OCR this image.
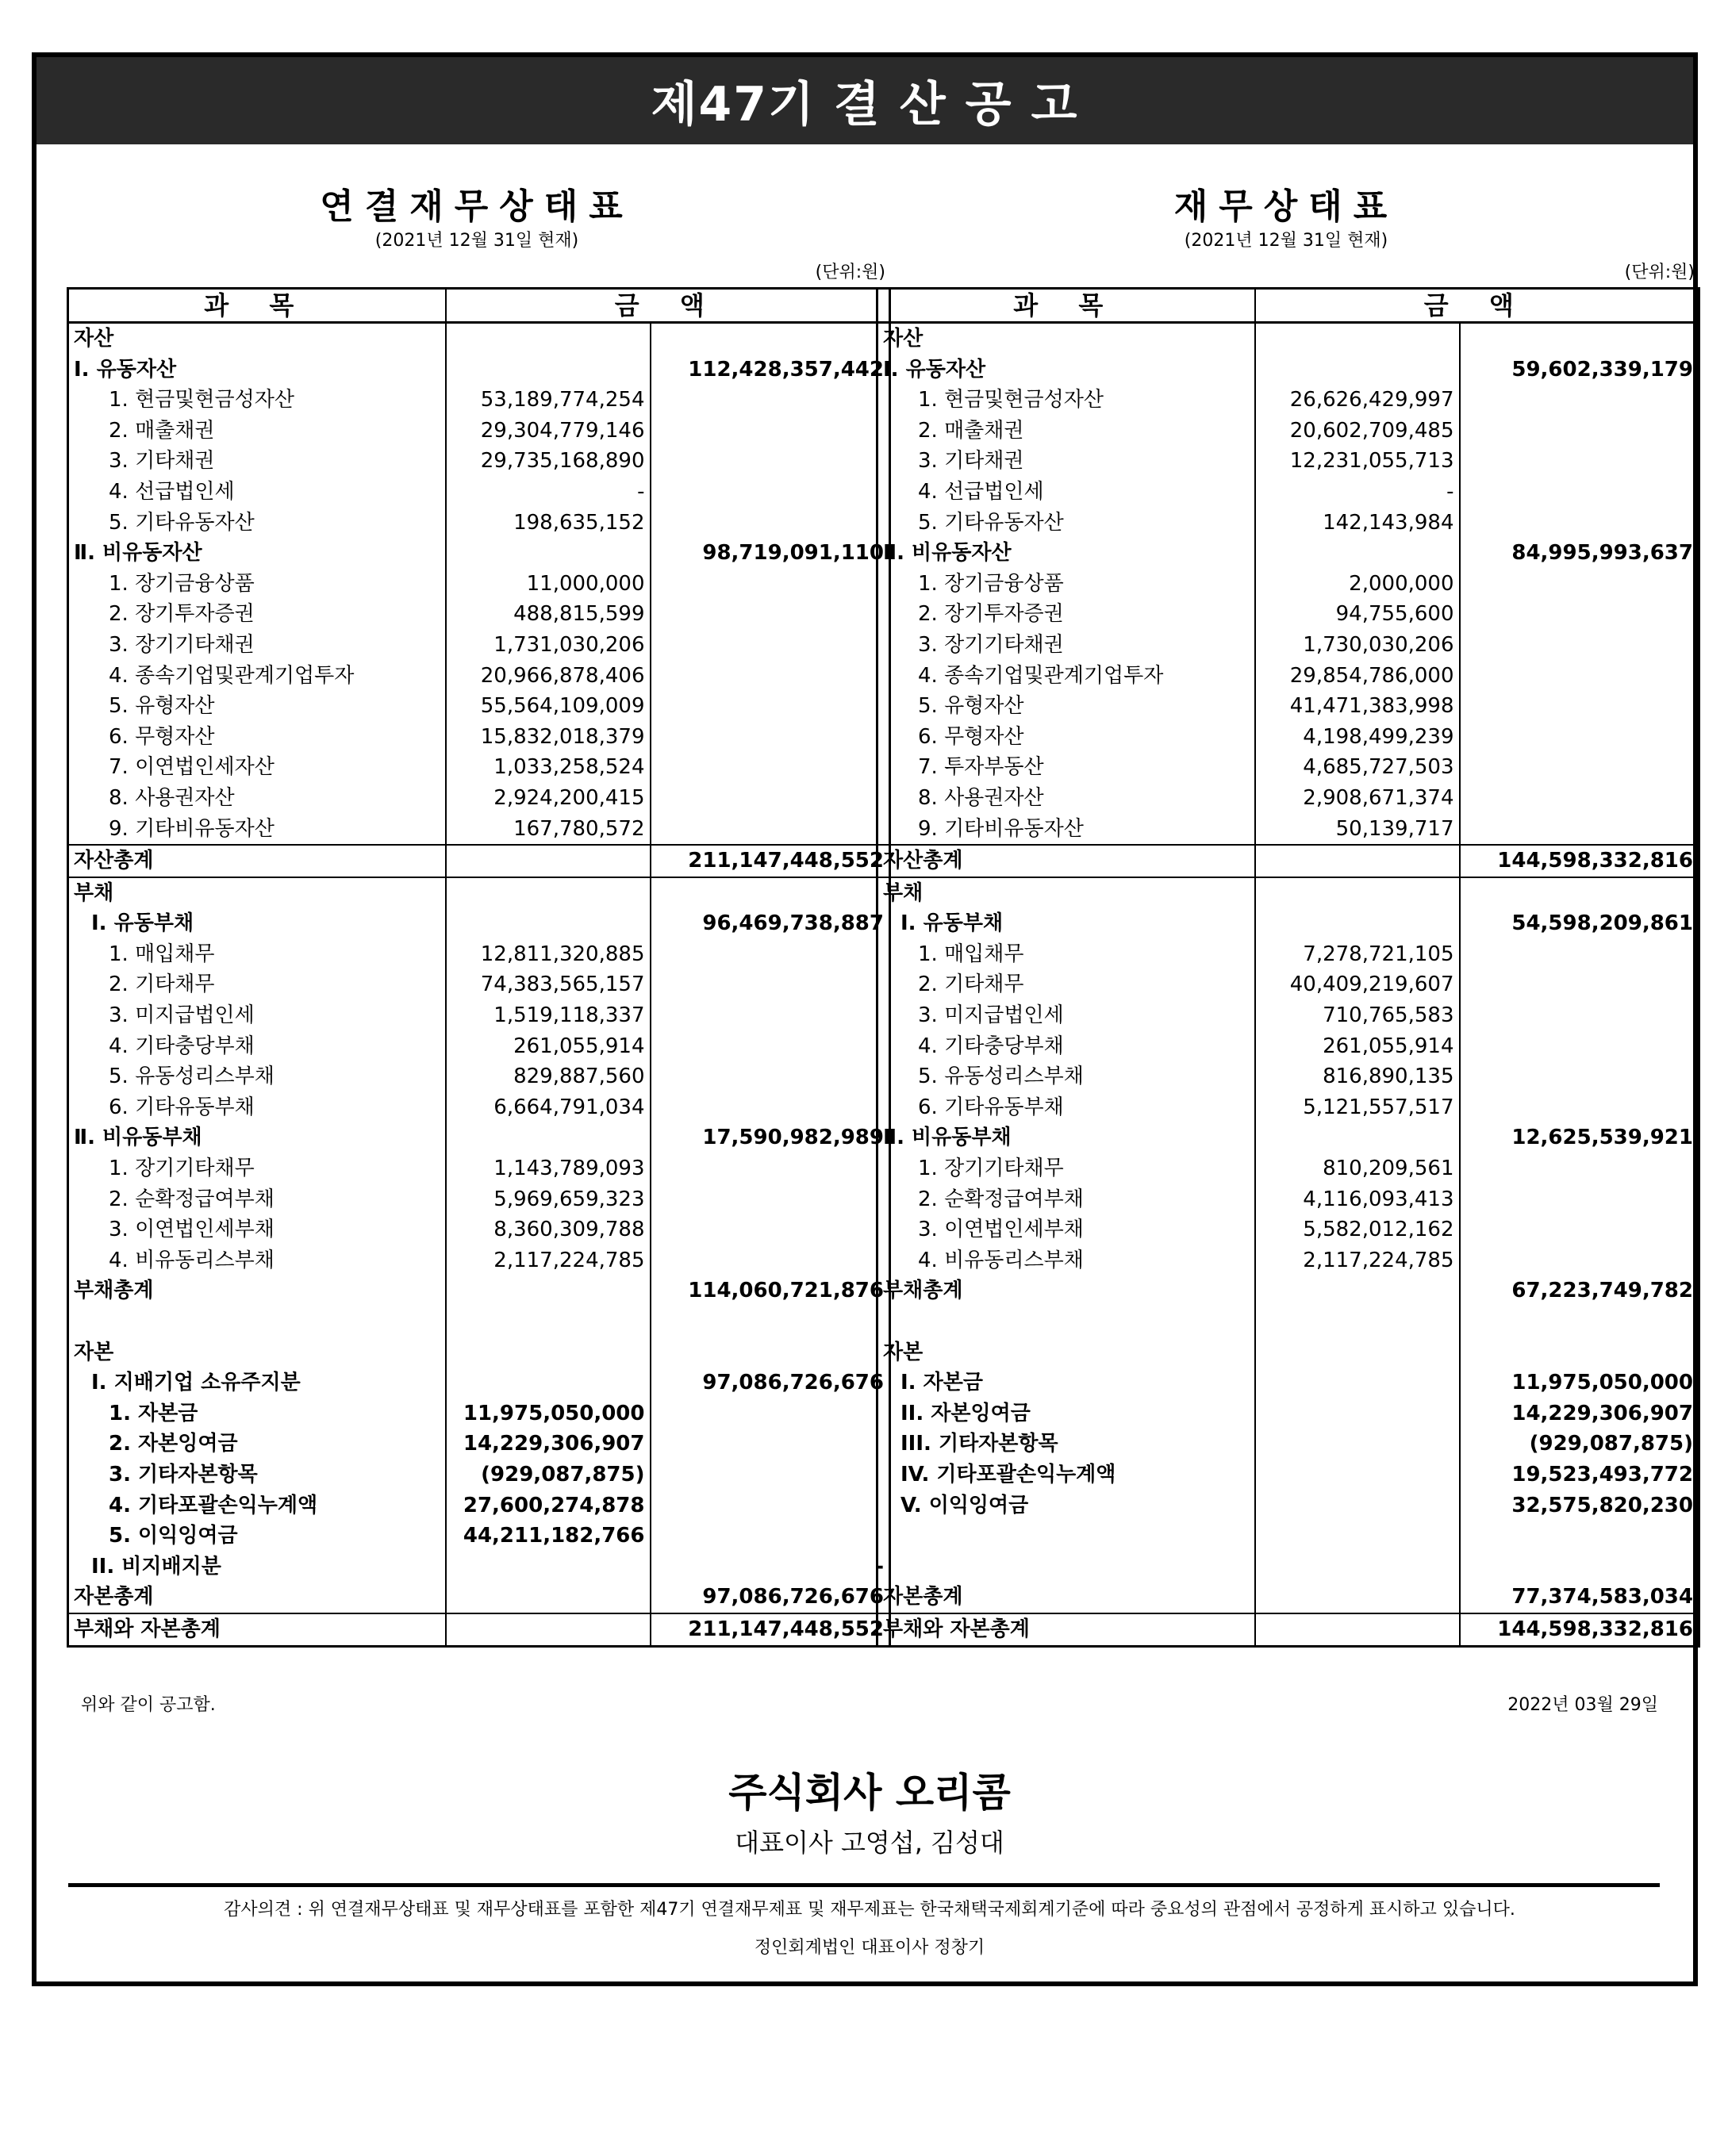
제47기 결 산 공 고
연결재무상태표
(2021년 12월 31일 현재)
(단위:원)
재무상태표
(2021년 12월 31일 현재)
(단위:원)
과 목	금 액	
자산		
I. 유동자산		112,428,357,442
1. 현금및현금성자산	53,189,774,254	
2. 매출채권	29,304,779,146	
3. 기타채권	29,735,168,890	
4. 선급법인세	-	
5. 기타유동자산	198,635,152	
Ⅱ. 비유동자산		98,719,091,110
1. 장기금융상품	11,000,000	
2. 장기투자증권	488,815,599	
3. 장기기타채권	1,731,030,206	
4. 종속기업및관계기업투자	20,966,878,406	
5. 유형자산	55,564,109,009	
6. 무형자산	15,832,018,379	
7. 이연법인세자산	1,033,258,524	
8. 사용권자산	2,924,200,415	
9. 기타비유동자산	167,780,572	
자산총계		211,147,448,552
부채		
Ⅰ. 유동부채		96,469,738,887
1. 매입채무	12,811,320,885	
2. 기타채무	74,383,565,157	
3. 미지급법인세	1,519,118,337	
4. 기타충당부채	261,055,914	
5. 유동성리스부채	829,887,560	
6. 기타유동부채	6,664,791,034	
Ⅱ. 비유동부채		17,590,982,989
1. 장기기타채무	1,143,789,093	
2. 순확정급여부채	5,969,659,323	
3. 이연법인세부채	8,360,309,788	
4. 비유동리스부채	2,117,224,785	
부채총계		114,060,721,876

자본		
I. 지배기업 소유주지분		97,086,726,676
1. 자본금	11,975,050,000	
2. 자본잉여금	14,229,306,907	
3. 기타자본항목	(929,087,875)	
4. 기타포괄손익누계액	27,600,274,878	
5. 이익잉여금	44,211,182,766	
II. 비지배지분		-
자본총계		97,086,726,676
부채와 자본총계		211,147,448,552
과 목	금 액	
자산		
I. 유동자산		59,602,339,179
1. 현금및현금성자산	26,626,429,997	
2. 매출채권	20,602,709,485	
3. 기타채권	12,231,055,713	
4. 선급법인세	-	
5. 기타유동자산	142,143,984	
Ⅱ. 비유동자산		84,995,993,637
1. 장기금융상품	2,000,000	
2. 장기투자증권	94,755,600	
3. 장기기타채권	1,730,030,206	
4. 종속기업및관계기업투자	29,854,786,000	
5. 유형자산	41,471,383,998	
6. 무형자산	4,198,499,239	
7. 투자부동산	4,685,727,503	
8. 사용권자산	2,908,671,374	
9. 기타비유동자산	50,139,717	
자산총계		144,598,332,816
부채		
Ⅰ. 유동부채		54,598,209,861
1. 매입채무	7,278,721,105	
2. 기타채무	40,409,219,607	
3. 미지급법인세	710,765,583	
4. 기타충당부채	261,055,914	
5. 유동성리스부채	816,890,135	
6. 기타유동부채	5,121,557,517	
Ⅱ. 비유동부채		12,625,539,921
1. 장기기타채무	810,209,561	
2. 순확정급여부채	4,116,093,413	
3. 이연법인세부채	5,582,012,162	
4. 비유동리스부채	2,117,224,785	
부채총계		67,223,749,782

자본		
I. 자본금		11,975,050,000
II. 자본잉여금		14,229,306,907
III. 기타자본항목		(929,087,875)
IV. 기타포괄손익누계액		19,523,493,772
V. 이익잉여금		32,575,820,230

자본총계		77,374,583,034
부채와 자본총계		144,598,332,816
위와 같이 공고함.	2022년 03월 29일
주식회사 오리콤
대표이사 고영섭, 김성대
감사의견 : 위 연결재무상태표 및 재무상태표를 포함한 제47기 연결재무제표 및 재무제표는 한국채택국제회계기준에 따라 중요성의 관점에서 공정하게 표시하고 있습니다.
정인회계법인 대표이사 정창기
